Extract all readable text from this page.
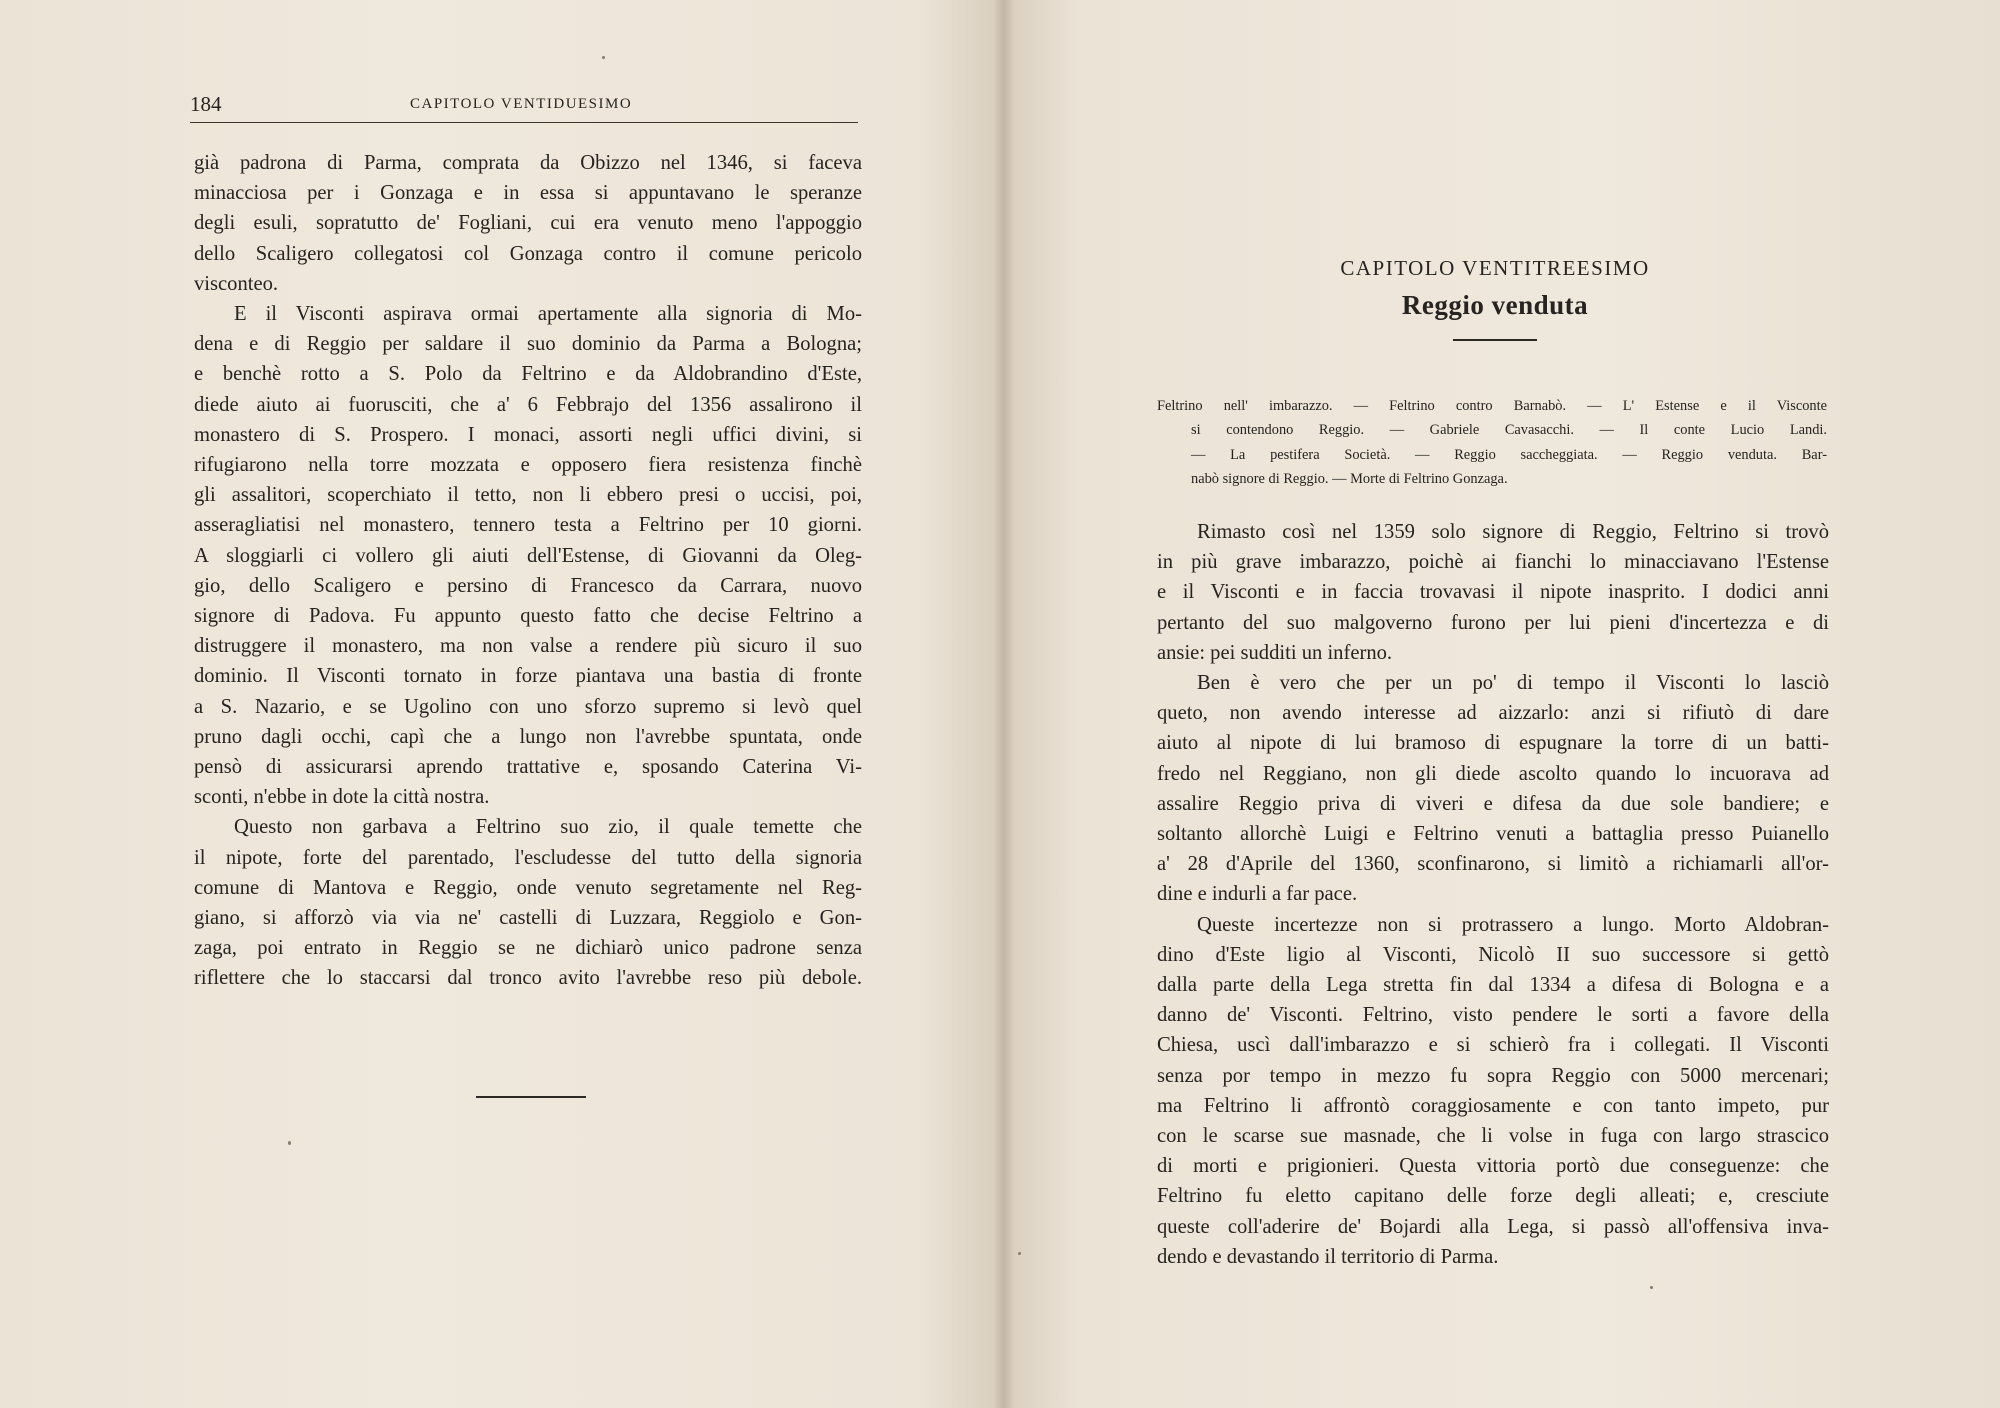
184	CAPITOLO VENTIDUESIMO
già padrona di Parma, comprata da Obizzo nel 1346, si faceva
minacciosa per i Gonzaga e in essa si appuntavano le speranze
degli esuli, sopratutto de' Fogliani, cui era venuto meno l'appoggio
dello Scaligero collegatosi col Gonzaga contro il comune pericolo
visconteo.
E il Visconti aspirava ormai apertamente alla signoria di Mo-
dena e di Reggio per saldare il suo dominio da Parma a Bologna;
e benchè rotto a S. Polo da Feltrino e da Aldobrandino d'Este,
diede aiuto ai fuorusciti, che a' 6 Febbrajo del 1356 assalirono il
monastero di S. Prospero. I monaci, assorti negli uffici divini, si
rifugiarono nella torre mozzata e opposero fiera resistenza finchè
gli assalitori, scoperchiato il tetto, non li ebbero presi o uccisi, poi,
asseragliatisi nel monastero, tennero testa a Feltrino per 10 giorni.
A sloggiarli ci vollero gli aiuti dell'Estense, di Giovanni da Oleg-
gio, dello Scaligero e persino di Francesco da Carrara, nuovo
signore di Padova. Fu appunto questo fatto che decise Feltrino a
distruggere il monastero, ma non valse a rendere più sicuro il suo
dominio. Il Visconti tornato in forze piantava una bastia di fronte
a S. Nazario, e se Ugolino con uno sforzo supremo si levò quel
pruno dagli occhi, capì che a lungo non l'avrebbe spuntata, onde
pensò di assicurarsi aprendo trattative e, sposando Caterina Vi-
sconti, n'ebbe in dote la città nostra.
Questo non garbava a Feltrino suo zio, il quale temette che
il nipote, forte del parentado, l'escludesse del tutto della signoria
comune di Mantova e Reggio, onde venuto segretamente nel Reg-
giano, si afforzò via via ne' castelli di Luzzara, Reggiolo e Gon-
zaga, poi entrato in Reggio se ne dichiarò unico padrone senza
riflettere che lo staccarsi dal tronco avito l'avrebbe reso più debole.
CAPITOLO VENTITREESIMO
Reggio venduta
Feltrino nell' imbarazzo. — Feltrino contro Barnabò. — L' Estense e il Visconte
si contendono Reggio. — Gabriele Cavasacchi. — Il conte Lucio Landi.
— La pestifera Società. — Reggio saccheggiata. — Reggio venduta. Bar-
nabò signore di Reggio. — Morte di Feltrino Gonzaga.
Rimasto così nel 1359 solo signore di Reggio, Feltrino si trovò
in più grave imbarazzo, poichè ai fianchi lo minacciavano l'Estense
e il Visconti e in faccia trovavasi il nipote inasprito. I dodici anni
pertanto del suo malgoverno furono per lui pieni d'incertezza e di
ansie: pei sudditi un inferno.
Ben è vero che per un po' di tempo il Visconti lo lasciò
queto, non avendo interesse ad aizzarlo: anzi si rifiutò di dare
aiuto al nipote di lui bramoso di espugnare la torre di un batti-
fredo nel Reggiano, non gli diede ascolto quando lo incuorava ad
assalire Reggio priva di viveri e difesa da due sole bandiere; e
soltanto allorchè Luigi e Feltrino venuti a battaglia presso Puianello
a' 28 d'Aprile del 1360, sconfinarono, si limitò a richiamarli all'or-
dine e indurli a far pace.
Queste incertezze non si protrassero a lungo. Morto Aldobran-
dino d'Este ligio al Visconti, Nicolò II suo successore si gettò
dalla parte della Lega stretta fin dal 1334 a difesa di Bologna e a
danno de' Visconti. Feltrino, visto pendere le sorti a favore della
Chiesa, uscì dall'imbarazzo e si schierò fra i collegati. Il Visconti
senza por tempo in mezzo fu sopra Reggio con 5000 mercenari;
ma Feltrino li affrontò coraggiosamente e con tanto impeto, pur
con le scarse sue masnade, che li volse in fuga con largo strascico
di morti e prigionieri. Questa vittoria portò due conseguenze: che
Feltrino fu eletto capitano delle forze degli alleati; e, cresciute
queste coll'aderire de' Bojardi alla Lega, si passò all'offensiva inva-
dendo e devastando il territorio di Parma.
